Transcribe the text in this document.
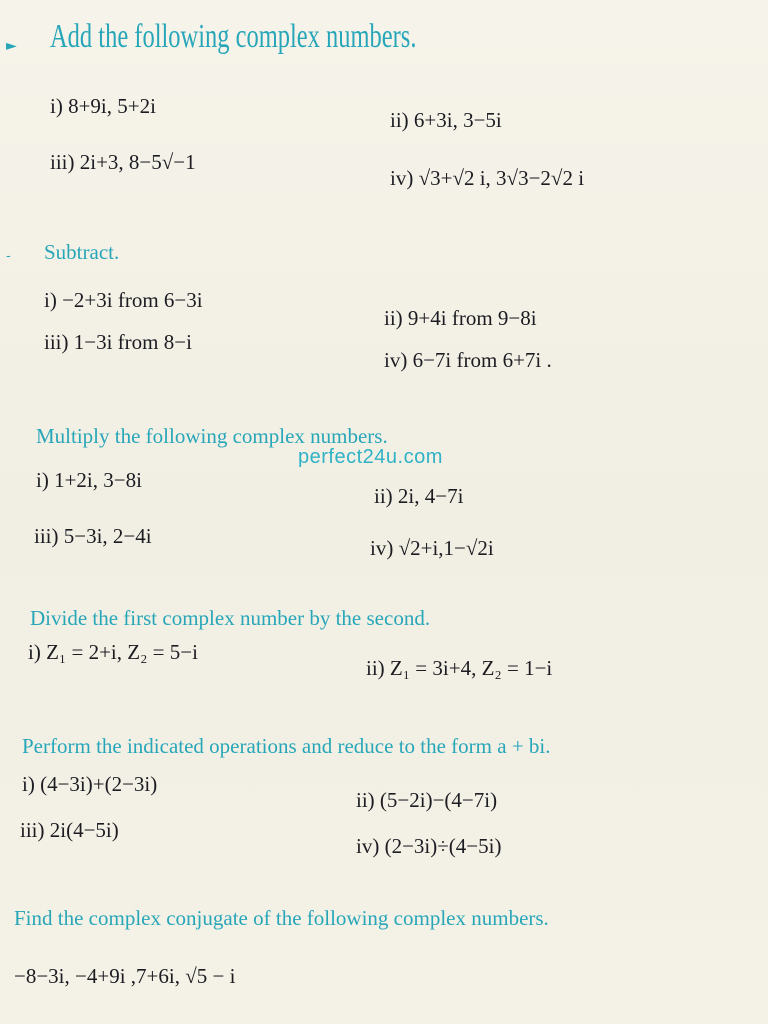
► Add the following complex numbers.
i) 8+9i, 5+2i
ii) 6+3i, 3−5i
iii) 2i+3, 8−5√−1
iv) √3+√2 i, 3√3−2√2 i
- Subtract.
i) −2+3i from 6−3i
ii) 9+4i from 9−8i
iii) 1−3i from 8−i
iv) 6−7i from 6+7i .
Multiply the following complex numbers.
perfect24u.com
i) 1+2i, 3−8i
ii) 2i, 4−7i
iii) 5−3i, 2−4i	iv) √2+i,1−√2i
Divide the first complex number by the second.
i) Z₁ = 2+i, Z₂ = 5−i
ii) Z₁ = 3i+4, Z₂ = 1−i
Perform the indicated operations and reduce to the form a + bi.
i) (4−3i)+(2−3i)
ii) (5−2i)−(4−7i)
iii) 2i(4−5i)
iv) (2−3i)÷(4−5i)
Find the complex conjugate of the following complex numbers.
−8−3i, −4+9i ,7+6i, √5 − i
